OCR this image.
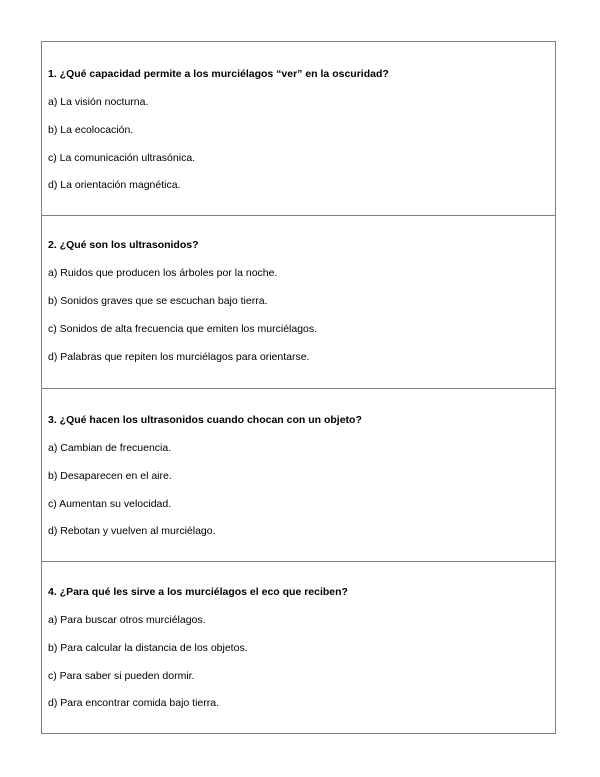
1. ¿Qué capacidad permite a los murciélagos “ver” en la oscuridad?
a) La visión nocturna.
b) La ecolocación.
c) La comunicación ultrasónica.
d) La orientación magnética.
2. ¿Qué son los ultrasonidos?
a) Ruidos que producen los árboles por la noche.
b) Sonidos graves que se escuchan bajo tierra.
c) Sonidos de alta frecuencia que emiten los murciélagos.
d) Palabras que repiten los murciélagos para orientarse.
3. ¿Qué hacen los ultrasonidos cuando chocan con un objeto?
a) Cambian de frecuencia.
b) Desaparecen en el aire.
c) Aumentan su velocidad.
d) Rebotan y vuelven al murciélago.
4. ¿Para qué les sirve a los murciélagos el eco que reciben?
a) Para buscar otros murciélagos.
b) Para calcular la distancia de los objetos.
c) Para saber si pueden dormir.
d) Para encontrar comida bajo tierra.
